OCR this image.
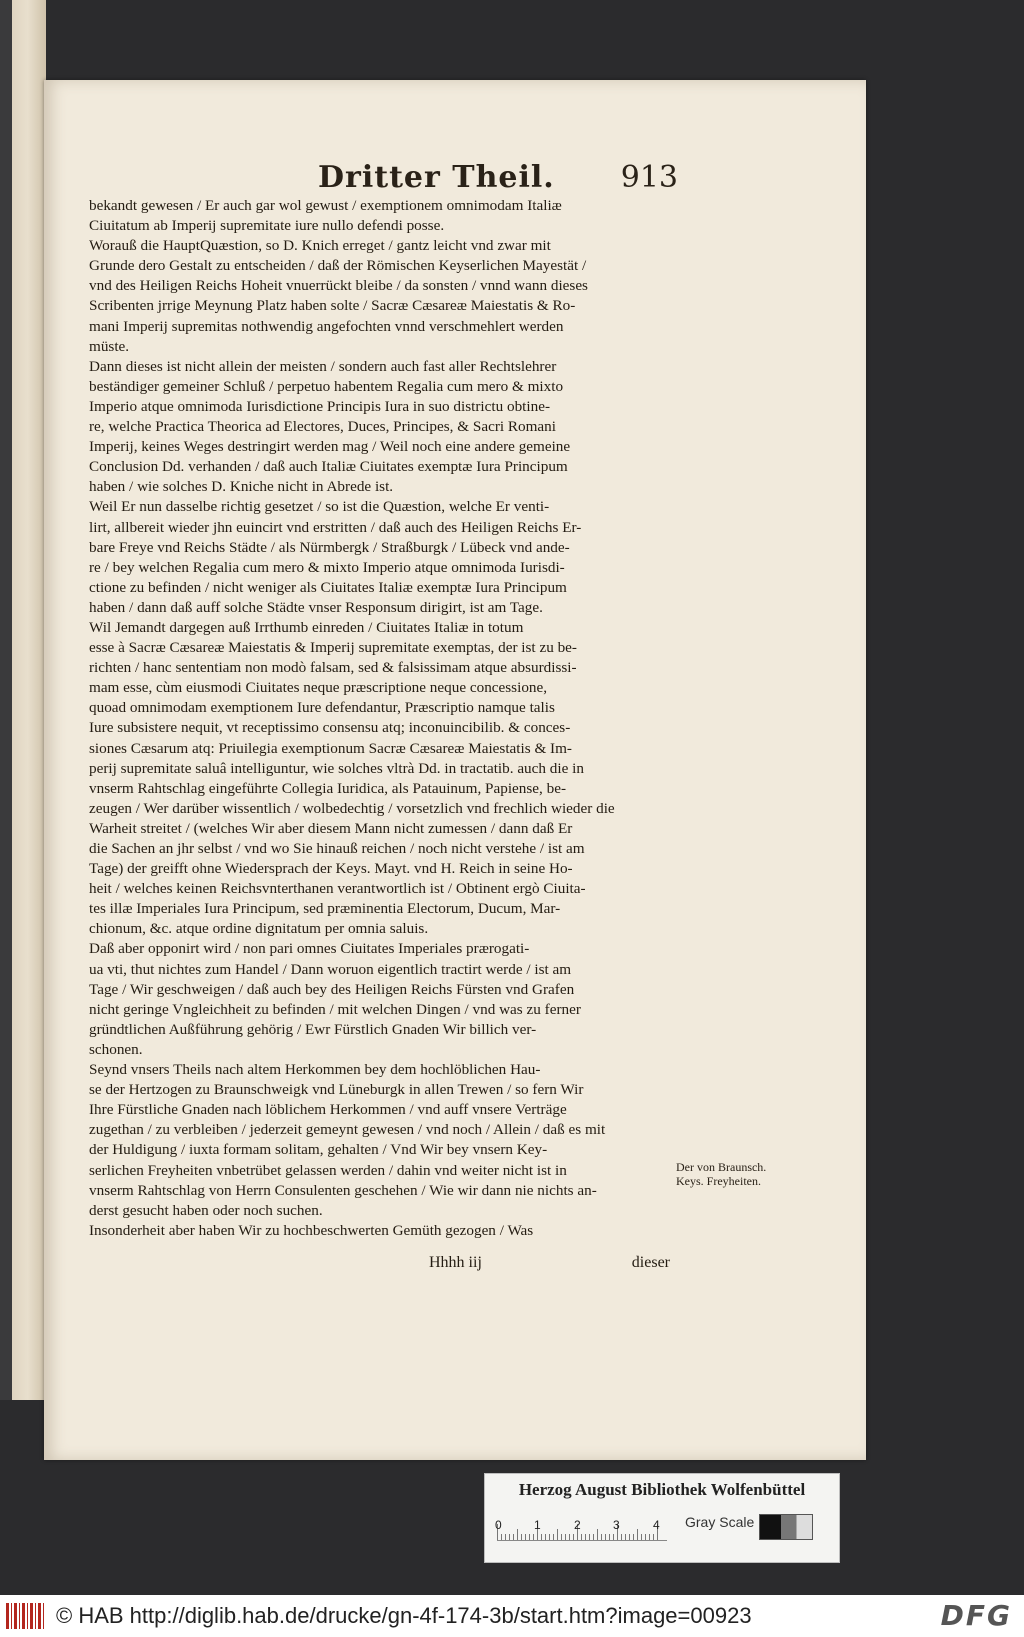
Dritter Theil. 913
bekandt gewesen / Er auch gar wol gewust / exemptionem omnimodam Italiæ
Ciuitatum ab Imperij supremitate iure nullo defendi posse.
Worauß die HauptQuæstion, so D. Knich erreget / gantz leicht vnd zwar mit
Grunde dero Gestalt zu entscheiden / daß der Römischen Keyserlichen Mayestät /
vnd des Heiligen Reichs Hoheit vnuerrückt bleibe / da sonsten / vnnd wann dieses
Scribenten jrrige Meynung Platz haben solte / Sacræ Cæsareæ Maiestatis & Ro-
mani Imperij supremitas nothwendig angefochten vnnd verschmehlert werden
müste.
Dann dieses ist nicht allein der meisten / sondern auch fast aller Rechtslehrer
beständiger gemeiner Schluß / perpetuo habentem Regalia cum mero & mixto
Imperio atque omnimoda Iurisdictione Principis Iura in suo districtu obtine-
re, welche Practica Theorica ad Electores, Duces, Principes, & Sacri Romani
Imperij, keines Weges destringirt werden mag / Weil noch eine andere gemeine
Conclusion Dd. verhanden / daß auch Italiæ Ciuitates exemptæ Iura Principum
haben / wie solches D. Kniche nicht in Abrede ist.
Weil Er nun dasselbe richtig gesetzet / so ist die Quæstion, welche Er venti-
lirt, allbereit wieder jhn euincirt vnd erstritten / daß auch des Heiligen Reichs Er-
bare Freye vnd Reichs Städte / als Nürmbergk / Straßburgk / Lübeck vnd ande-
re / bey welchen Regalia cum mero & mixto Imperio atque omnimoda Iurisdi-
ctione zu befinden / nicht weniger als Ciuitates Italiæ exemptæ Iura Principum
haben / dann daß auff solche Städte vnser Responsum dirigirt, ist am Tage.
Wil Jemandt dargegen auß Irrthumb einreden / Ciuitates Italiæ in totum
esse à Sacræ Cæsareæ Maiestatis & Imperij supremitate exemptas, der ist zu be-
richten / hanc sententiam non modò falsam, sed & falsissimam atque absurdissi-
mam esse, cùm eiusmodi Ciuitates neque præscriptione neque concessione,
quoad omnimodam exemptionem Iure defendantur, Præscriptio namque talis
Iure subsistere nequit, vt receptissimo consensu atq; inconuincibilib. & conces-
siones Cæsarum atq: Priuilegia exemptionum Sacræ Cæsareæ Maiestatis & Im-
perij supremitate saluâ intelliguntur, wie solches vltrà Dd. in tractatib. auch die in
vnserm Rahtschlag eingeführte Collegia Iuridica, als Patauinum, Papiense, be-
zeugen / Wer darüber wissentlich / wolbedechtig / vorsetzlich vnd frechlich wieder die
Warheit streitet / (welches Wir aber diesem Mann nicht zumessen / dann daß Er
die Sachen an jhr selbst / vnd wo Sie hinauß reichen / noch nicht verstehe / ist am
Tage) der greifft ohne Wiedersprach der Keys. Mayt. vnd H. Reich in seine Ho-
heit / welches keinen Reichsvnterthanen verantwortlich ist / Obtinent ergò Ciuita-
tes illæ Imperiales Iura Principum, sed præminentia Electorum, Ducum, Mar-
chionum, &c. atque ordine dignitatum per omnia saluis.
Daß aber opponirt wird / non pari omnes Ciuitates Imperiales prærogati-
ua vti, thut nichtes zum Handel / Dann woruon eigentlich tractirt werde / ist am
Tage / Wir geschweigen / daß auch bey des Heiligen Reichs Fürsten vnd Grafen
nicht geringe Vngleichheit zu befinden / mit welchen Dingen / vnd was zu ferner
gründtlichen Außführung gehörig / Ewr Fürstlich Gnaden Wir billich ver-
schonen.
Seynd vnsers Theils nach altem Herkommen bey dem hochlöblichen Hau-
se der Hertzogen zu Braunschweigk vnd Lüneburgk in allen Trewen / so fern Wir
Ihre Fürstliche Gnaden nach löblichem Herkommen / vnd auff vnsere Verträge
zugethan / zu verbleiben / jederzeit gemeynt gewesen / vnd noch / Allein / daß es mit
der Huldigung / iuxta formam solitam, gehalten / Vnd Wir bey vnsern Key-
serlichen Freyheiten vnbetrübet gelassen werden / dahin vnd weiter nicht ist in
vnserm Rahtschlag von Herrn Consulenten geschehen / Wie wir dann nie nichts an-
derst gesucht haben oder noch suchen.
Insonderheit aber haben Wir zu hochbeschwerten Gemüth gezogen / Was
Der von Braunsch.
Keys. Freyheiten.
Hhhh iij	dieser
Herzog August Bibliothek Wolfenbüttel
0	1	2	3	4 Gray Scale
© HAB http://diglib.hab.de/drucke/gn-4f-174-3b/start.htm?image=00923	DFG
